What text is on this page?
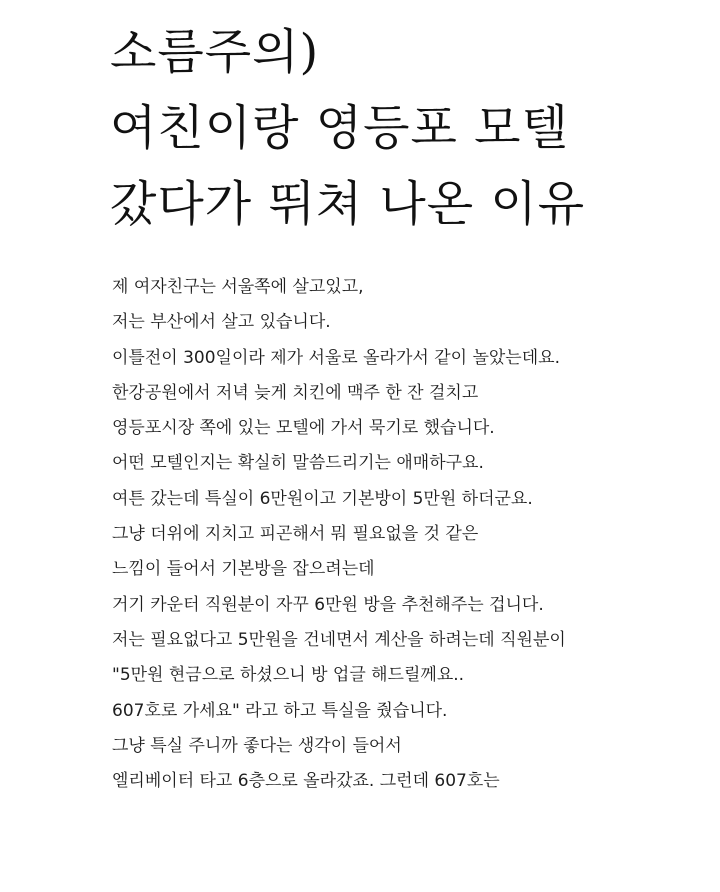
소름주의)
여친이랑 영등포 모텔
갔다가 뛰쳐 나온 이유
제 여자친구는 서울쪽에 살고있고,
저는 부산에서 살고 있습니다.
이틀전이 300일이라 제가 서울로 올라가서 같이 놀았는데요.
한강공원에서 저녁 늦게 치킨에 맥주 한 잔 걸치고
영등포시장 쪽에 있는 모텔에 가서 묵기로 했습니다.
어떤 모텔인지는 확실히 말씀드리기는 애매하구요.
여튼 갔는데 특실이 6만원이고 기본방이 5만원 하더군요.
그냥 더위에 지치고 피곤해서 뭐 필요없을 것 같은
느낌이 들어서 기본방을 잡으려는데
거기 카운터 직원분이 자꾸 6만원 방을 추천해주는 겁니다.
저는 필요없다고 5만원을 건네면서 계산을 하려는데 직원분이
"5만원 현금으로 하셨으니 방 업글 해드릴께요..
607호로 가세요" 라고 하고 특실을 줬습니다.
그냥 특실 주니까 좋다는 생각이 들어서
엘리베이터 타고 6층으로 올라갔죠. 그런데 607호는
